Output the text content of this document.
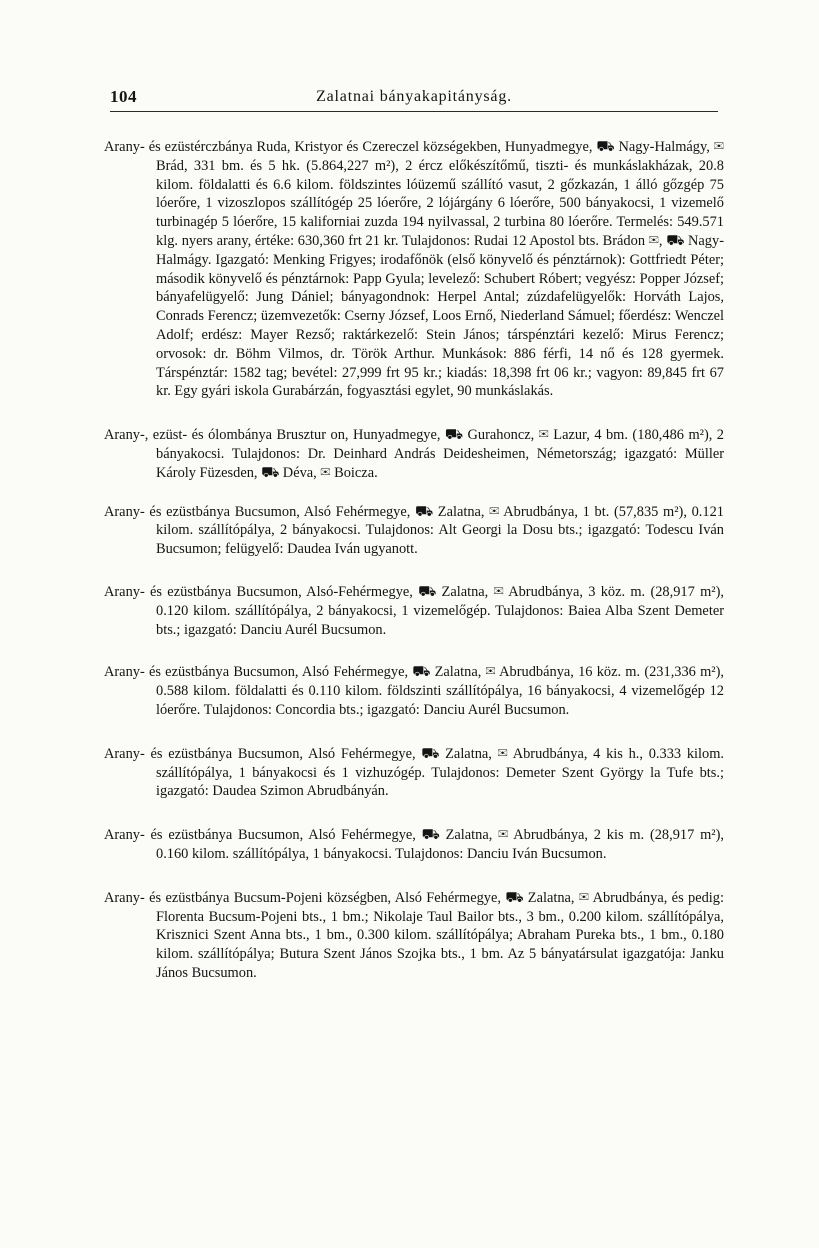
104	Zalatnai bányakapitányság.

Arany- és ezüstérczbánya Ruda, Kristyor és Czereczel községekben, Hunyadmegye, ⛟ Nagy-Halmágy, ✉ Brád, 331 bm. és 5 hk. (5.864,227 m²), 2 ércz előkészítőmű, tiszti- és munkáslakházak, 20.8 kilom. földalatti és 6.6 kilom. földszintes lóüzemű szállító vasut, 2 gőzkazán, 1 álló gőzgép 75 lóerőre, 1 vizoszlopos szállítógép 25 lóerőre, 2 lójárgány 6 lóerőre, 500 bányakocsi, 1 vizemelő turbinagép 5 lóerőre, 15 kaliforniai zuzda 194 nyilvassal, 2 turbina 80 lóerőre. Termelés: 549.571 klg. nyers arany, értéke: 630,360 frt 21 kr. Tulajdonos: Rudai 12 Apostol bts. Brádon ✉, ⛟ Nagy-Halmágy. Igazgató: Menking Frigyes; irodafőnök (első könyvelő és pénztárnok): Gottfriedt Péter; második könyvelő és pénztárnok: Papp Gyula; levelező: Schubert Róbert; vegyész: Popper József; bányafelügyelő: Jung Dániel; bányagondnok: Herpel Antal; zúzdafelügyelők: Horváth Lajos, Conrads Ferencz; üzemvezetők: Cserny József, Loos Ernő, Niederland Sámuel; főerdész: Wenczel Adolf; erdész: Mayer Rezső; raktárkezelő: Stein János; társpénztári kezelő: Mirus Ferencz; orvosok: dr. Böhm Vilmos, dr. Török Arthur. Munkások: 886 férfi, 14 nő és 128 gyermek. Társpénztár: 1582 tag; bevétel: 27,999 frt 95 kr.; kiadás: 18,398 frt 06 kr.; vagyon: 89,845 frt 67 kr. Egy gyári iskola Gurabárzán, fogyasztási egylet, 90 munkáslakás.

Arany-, ezüst- és ólombánya Brusztur on, Hunyadmegye, ⛟ Gurahoncz, ✉ Lazur, 4 bm. (180,486 m²), 2 bányakocsi. Tulajdonos: Dr. Deinhard András Deidesheimen, Németország; igazgató: Müller Károly Füzesden, ⛟ Déva, ✉ Boicza.

Arany- és ezüstbánya Bucsumon, Alsó Fehérmegye, ⛟ Zalatna, ✉ Abrudbánya, 1 bt. (57,835 m²), 0.121 kilom. szállítópálya, 2 bányakocsi. Tulajdonos: Alt Georgi la Dosu bts.; igazgató: Todescu Iván Bucsumon; felügyelő: Daudea Iván ugyanott.

Arany- és ezüstbánya Bucsumon, Alsó-Fehérmegye, ⛟ Zalatna, ✉ Abrudbánya, 3 köz. m. (28,917 m²), 0.120 kilom. szállítópálya, 2 bányakocsi, 1 vizemelőgép. Tulajdonos: Baiea Alba Szent Demeter bts.; igazgató: Danciu Aurél Bucsumon.

Arany- és ezüstbánya Bucsumon, Alsó Fehérmegye, ⛟ Zalatna, ✉ Abrudbánya, 16 köz. m. (231,336 m²), 0.588 kilom. földalatti és 0.110 kilom. földszinti szállítópálya, 16 bányakocsi, 4 vizemelőgép 12 lóerőre. Tulajdonos: Concordia bts.; igazgató: Danciu Aurél Bucsumon.

Arany- és ezüstbánya Bucsumon, Alsó Fehérmegye, ⛟ Zalatna, ✉ Abrudbánya, 4 kis h., 0.333 kilom. szállítópálya, 1 bányakocsi és 1 vizhuzógép. Tulajdonos: Demeter Szent György la Tufe bts.; igazgató: Daudea Szimon Abrudbányán.

Arany- és ezüstbánya Bucsumon, Alsó Fehérmegye, ⛟ Zalatna, ✉ Abrudbánya, 2 kis m. (28,917 m²), 0.160 kilom. szállítópálya, 1 bányakocsi. Tulajdonos: Danciu Iván Bucsumon.

Arany- és ezüstbánya Bucsum-Pojeni községben, Alsó Fehérmegye, ⛟ Zalatna, ✉ Abrudbánya, és pedig: Florenta Bucsum-Pojeni bts., 1 bm.; Nikolaje Taul Bailor bts., 3 bm., 0.200 kilom. szállítópálya, Krisznici Szent Anna bts., 1 bm., 0.300 kilom. szállítópálya; Abraham Pureka bts., 1 bm., 0.180 kilom. szállítópálya; Butura Szent János Szojka bts., 1 bm. Az 5 bányatársulat igazgatója: Janku János Bucsumon.
